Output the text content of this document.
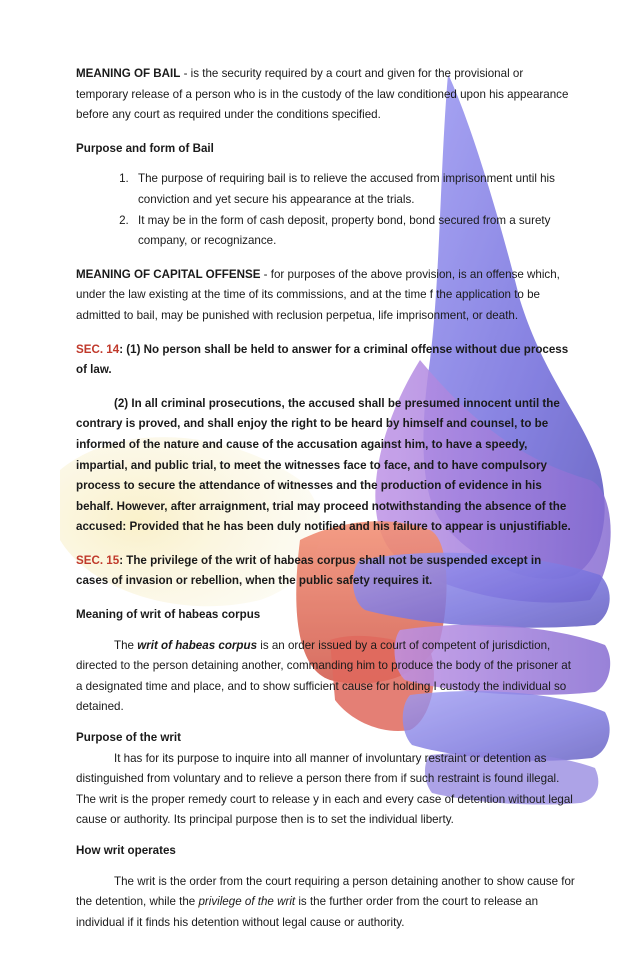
MEANING OF BAIL - is the security required by a court and given for the provisional or temporary release of a person who is in the custody of the law conditioned upon his appearance before any court as required under the conditions specified.

Purpose and form of Bail

1. The purpose of requiring bail is to relieve the accused from imprisonment until his conviction and yet secure his appearance at the trials.
2. It may be in the form of cash deposit, property bond, bond secured from a surety company, or recognizance.

MEANING OF CAPITAL OFFENSE - for purposes of the above provision, is an offense which, under the law existing at the time of its commissions, and at the time f the application to be admitted to bail, may be punished with reclusion perpetua, life imprisonment, or death.

SEC. 14: (1) No person shall be held to answer for a criminal offense without due process of law.

(2) In all criminal prosecutions, the accused shall be presumed innocent until the contrary is proved, and shall enjoy the right to be heard by himself and counsel, to be informed of the nature and cause of the accusation against him, to have a speedy, impartial, and public trial, to meet the witnesses face to face, and to have compulsory process to secure the attendance of witnesses and the production of evidence in his behalf. However, after arraignment, trial may proceed notwithstanding the absence of the accused: Provided that he has been duly notified and his failure to appear is unjustifiable.

SEC. 15: The privilege of the writ of habeas corpus shall not be suspended except in cases of invasion or rebellion, when the public safety requires it.

Meaning of writ of habeas corpus

The writ of habeas corpus is an order issued by a court of competent of jurisdiction, directed to the person detaining another, commanding him to produce the body of the prisoner at a designated time and place, and to show sufficient cause for holding I custody the individual so detained.

Purpose of the writ

It has for its purpose to inquire into all manner of involuntary restraint or detention as distinguished from voluntary and to relieve a person there from if such restraint is found illegal. The writ is the proper remedy court to release y in each and every case of detention without legal cause or authority. Its principal purpose then is to set the individual liberty.

How writ operates

The writ is the order from the court requiring a person detaining another to show cause for the detention, while the privilege of the writ is the further order from the court to release an individual if it finds his detention without legal cause or authority.
